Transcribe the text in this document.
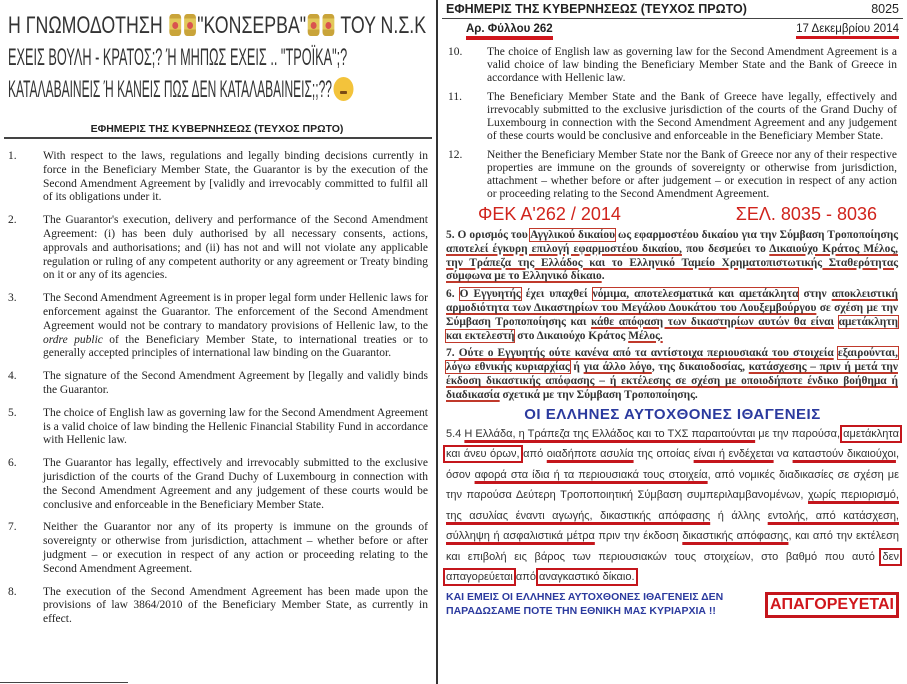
Η ΓΝΩΜΟΔΟΤΗΣΗ "ΚΟΝΣΕΡΒΑ" ΤΟΥ Ν.Σ.Κ
ΕΧΕΙΣ ΒΟΥΛΗ - ΚΡΑΤΟΣ;? Ή ΜΗΠΩΣ ΕΧΕΙΣ .. "ΤΡΟΪΚΑ";?
ΚΑΤΑΛΑΒΑΙΝΕΙΣ Ή ΚΑΝΕΙΣ ΠΩΣ ΔΕΝ ΚΑΤΑΛΑΒΑΙΝΕΙΣ;;??
ΕΦΗΜΕΡΙΣ ΤΗΣ ΚΥΒΕΡΝΗΣΕΩΣ (ΤΕΥΧΟΣ ΠΡΩΤΟ)
1. With respect to the laws, regulations and legally binding decisions currently in force in the Beneficiary Member State, the Guarantor is by the execution of the Second Amendment Agreement by [validly and irrevocably committed to fulfil all of its obligations under it.
2. The Guarantor's execution, delivery and performance of the Second Amendment Agreement: (i) has been duly authorised by all necessary consents, actions, approvals and authorisations; and (ii) has not and will not violate any applicable regulation or ruling of any competent authority or any agreement or Treaty binding on it or any of its agencies.
3. The Second Amendment Agreement is in proper legal form under Hellenic laws for enforcement against the Guarantor. The enforcement of the Second Amendment Agreement would not be contrary to mandatory provisions of Hellenic law, to the ordre public of the Beneficiary Member State, to international treaties or to generally accepted principles of international law binding on the Guarantor.
4. The signature of the Second Amendment Agreement by [legally and validly binds the Guarantor.
5. The choice of English law as governing law for the Second Amendment Agreement is a valid choice of law binding the Hellenic Financial Stability Fund in accordance with Hellenic law.
6. The Guarantor has legally, effectively and irrevocably submitted to the exclusive jurisdiction of the courts of the Grand Duchy of Luxembourg in connection with the Second Amendment Agreement and any judgement of these courts would be conclusive and enforceable in the Beneficiary Member State.
7. Neither the Guarantor nor any of its property is immune on the grounds of sovereignty or otherwise from jurisdiction, attachment – whether before or after judgment – or execution in respect of any action or proceeding relating to the Second Amendment Agreement.
8. The execution of the Second Amendment Agreement has been made upon the provisions of law 3864/2010 of the Beneficiary Member State, as currently in effect.
ΕΦΗΜΕΡΙΣ ΤΗΣ ΚΥΒΕΡΝΗΣΕΩΣ (ΤΕΥΧΟΣ ΠΡΩΤΟ)	8025
Αρ. Φύλλου 262	17 Δεκεμβρίου 2014
10. The choice of English law as governing law for the Second Amendment Agreement is a valid choice of law binding the Beneficiary Member State and the Bank of Greece in accordance with Hellenic law.
11. The Beneficiary Member State and the Bank of Greece have legally, effectively and irrevocably submitted to the exclusive jurisdiction of the courts of the Grand Duchy of Luxembourg in connection with the Second Amendment Agreement and any judgement of these courts would be conclusive and enforceable in the Beneficiary Member State.
12. Neither the Beneficiary Member State nor the Bank of Greece nor any of their respective properties are immune on the grounds of sovereignty or otherwise from jurisdiction, attachment – whether before or after judgement – or execution in respect of any action or proceeding relating to the Second Amendment Agreement.
ΦΕΚ Α'262 / 2014	ΣΕΛ. 8035 - 8036
5. Ο ορισμός του Αγγλικού δικαίου ως εφαρμοστέου δικαίου για την Σύμβαση Τροποποίησης αποτελεί έγκυρη επιλογή εφαρμοστέου δικαίου, που δεσμεύει το Δικαιούχο Κράτος Μέλος, την Τράπεζα της Ελλάδος και το Ελληνικό Ταμείο Χρηματοπιστωτικής Σταθερότητας σύμφωνα με το Ελληνικό δίκαιο.
6. Ο Εγγυητής έχει υπαχθεί νόμιμα, αποτελεσματικά και αμετάκλητα στην αποκλειστική αρμοδιότητα των Δικαστηρίων του Μεγάλου Δουκάτου του Λουξεμβούργου σε σχέση με την Σύμβαση Τροποποίησης και κάθε απόφαση των δικαστηρίων αυτών θα είναι αμετάκλητη και εκτελεστή στο Δικαιούχο Κράτος Μέλος.
7. Ούτε ο Εγγυητής ούτε κανένα από τα αντίστοιχα περιουσιακά του στοιχεία εξαιρούνται, λόγω εθνικής κυριαρχίας ή για άλλο λόγο, της δικαιοδοσίας, κατάσχεσης – πριν ή μετά την έκδοση δικαστικής απόφασης – ή εκτέλεσης σε σχέση με οποιοδήποτε ένδικο βοήθημα ή διαδικασία σχετικά με την Σύμβαση Τροποποίησης.
ΟΙ ΕΛΛΗΝΕΣ ΑΥΤΟΧΘΟΝΕΣ ΙΘΑΓΕΝΕΙΣ
5.4 Η Ελλάδα, η Τράπεζα της Ελλάδος και το ΤΧΣ παραιτούνται με την παρούσα, αμετάκλητα και άνευ όρων, από οιαδήποτε ασυλία της οποίας είναι ή ενδέχεται να καταστούν δικαιούχοι, όσον αφορά στα ίδια ή τα περιουσιακά τους στοιχεία, από νομικές διαδικασίες σε σχέση με την παρούσα Δεύτερη Τροποποιητική Σύμβαση συμπεριλαμβανομένων, χωρίς περιορισμό, της ασυλίας έναντι αγωγής, δικαστικής απόφασης ή άλλης εντολής, από κατάσχεση, σύλληψη ή ασφαλιστικά μέτρα πριν την έκδοση δικαστικής απόφασης, και από την εκτέλεση και επιβολή εις βάρος των περιουσιακών τους στοιχείων, στο βαθμό που αυτό δεν απαγορεύεται από αναγκαστικό δίκαιο.
ΚΑΙ ΕΜΕΙΣ ΟΙ ΕΛΛΗΝΕΣ ΑΥΤΟΧΘΟΝΕΣ ΙΘΑΓΕΝΕΙΣ ΔΕΝ
ΠΑΡΑΔΩΣΑΜΕ ΠΟΤΕ ΤΗΝ ΕΘΝΙΚΗ ΜΑΣ ΚΥΡΙΑΡΧΙΑ !!	ΑΠΑΓΟΡΕΥΕΤΑΙ
